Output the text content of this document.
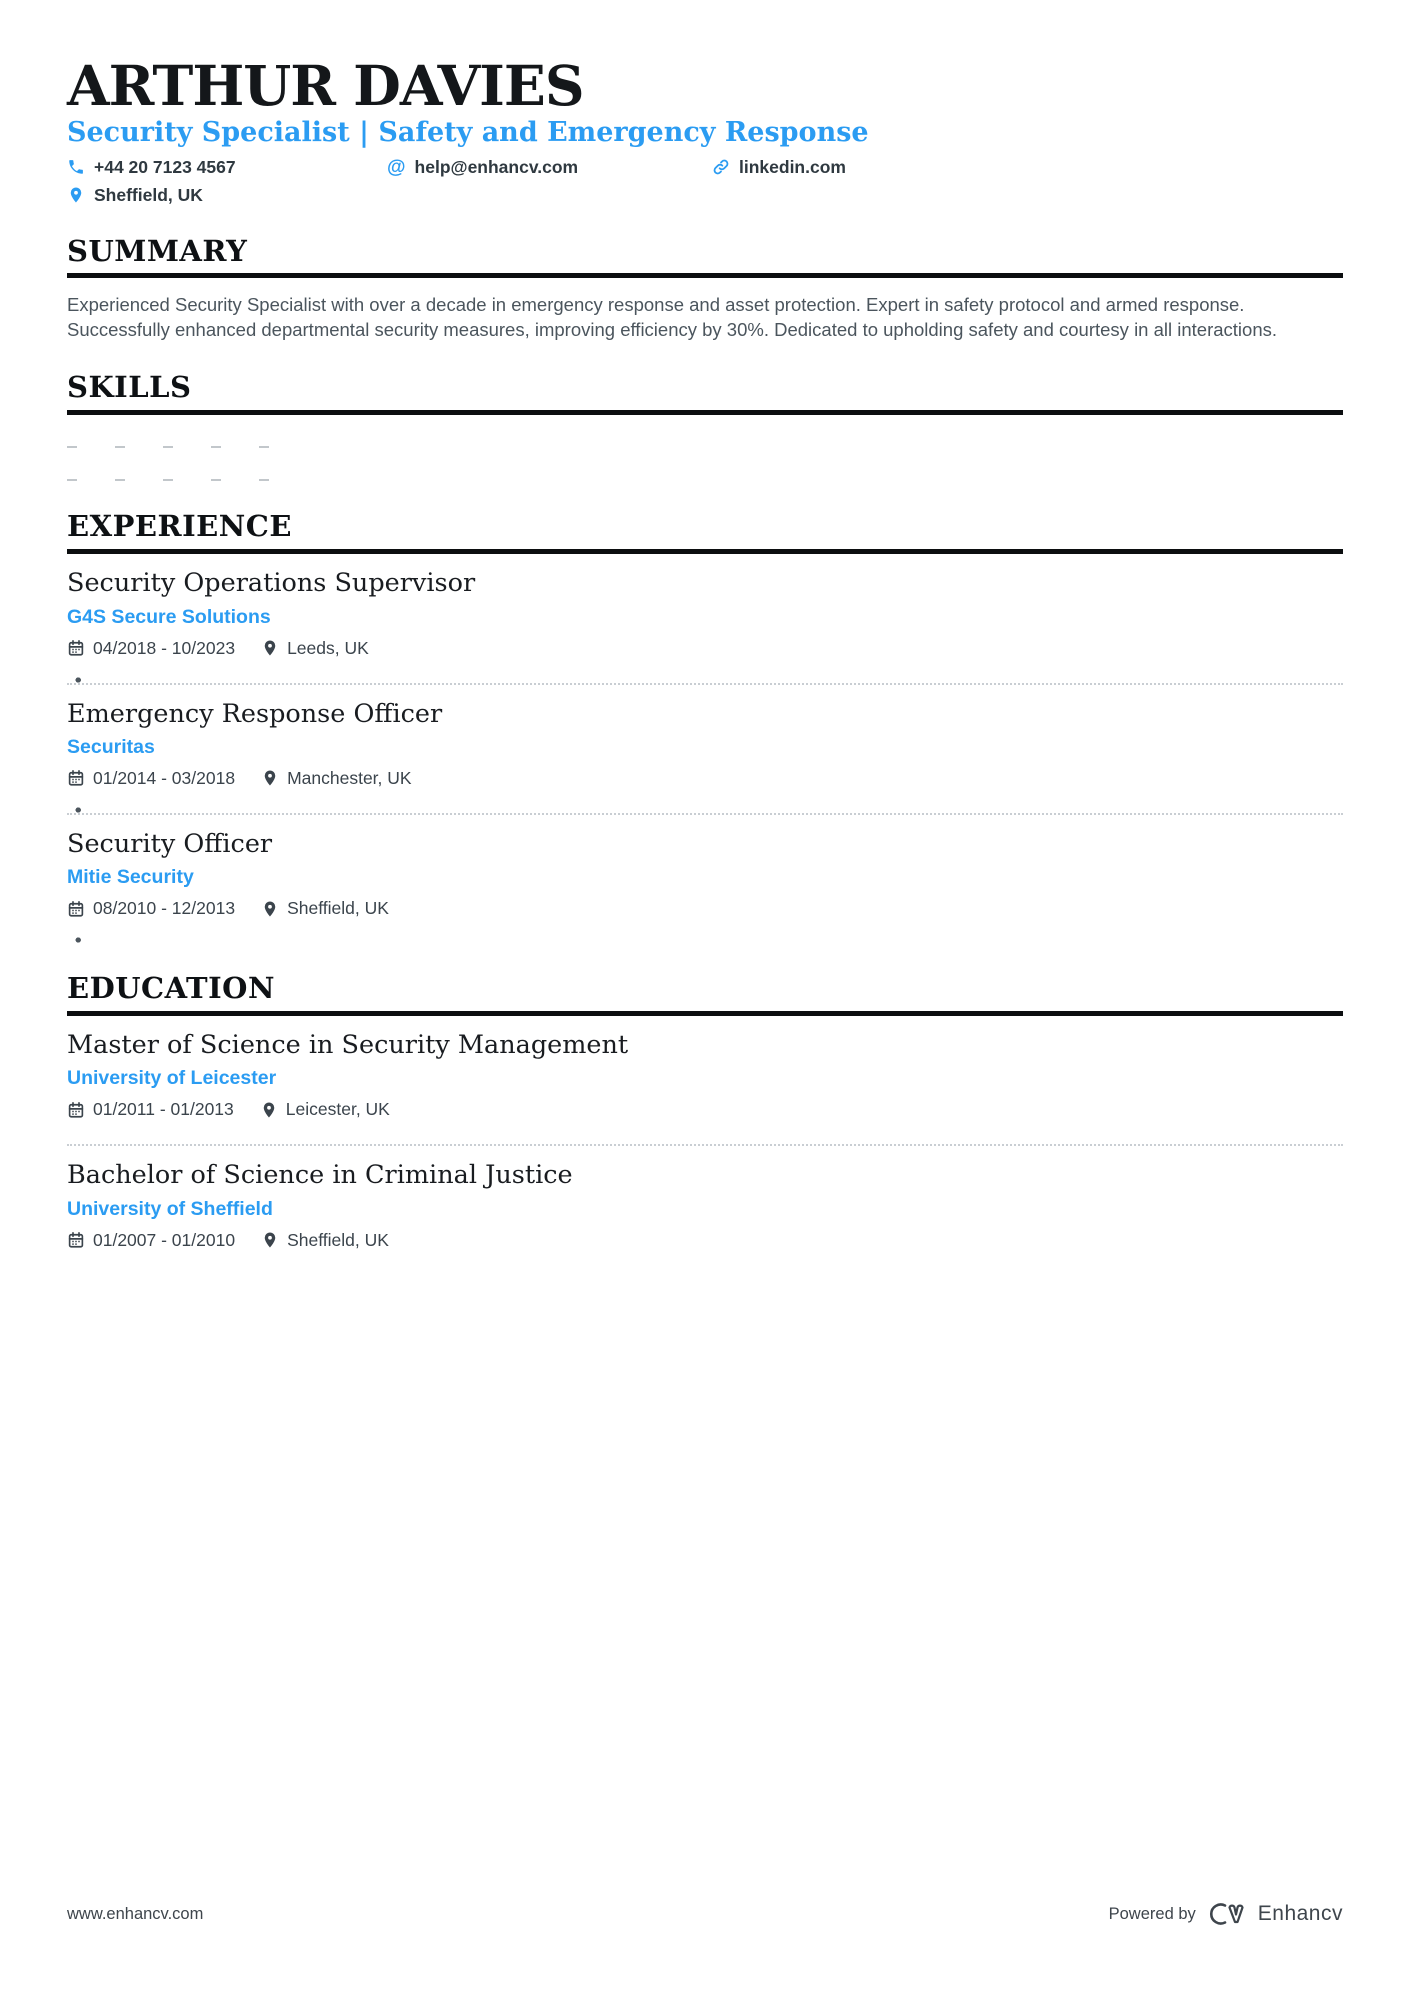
ARTHUR DAVIES
Security Specialist | Safety and Emergency Response
+44 20 7123 4567	@ help@enhancv.com	linkedin.com
Sheffield, UK
SUMMARY

Experienced Security Specialist with over a decade in emergency response and asset protection. Expert in safety protocol and armed response. Successfully enhanced departmental security measures, improving efficiency by 30%. Dedicated to upholding safety and courtesy in all interactions.

SKILLS
EXPERIENCE
Security Operations Supervisor
G4S Secure Solutions
04/2018 - 10/2023	Leeds, UK
Emergency Response Officer
Securitas
01/2014 - 03/2018	Manchester, UK
Security Officer
Mitie Security
08/2010 - 12/2013	Sheffield, UK
EDUCATION
Master of Science in Security Management
University of Leicester
01/2011 - 01/2013	Leicester, UK
Bachelor of Science in Criminal Justice
University of Sheffield
01/2007 - 01/2010	Sheffield, UK
www.enhancv.com	Powered by	Enhancv
